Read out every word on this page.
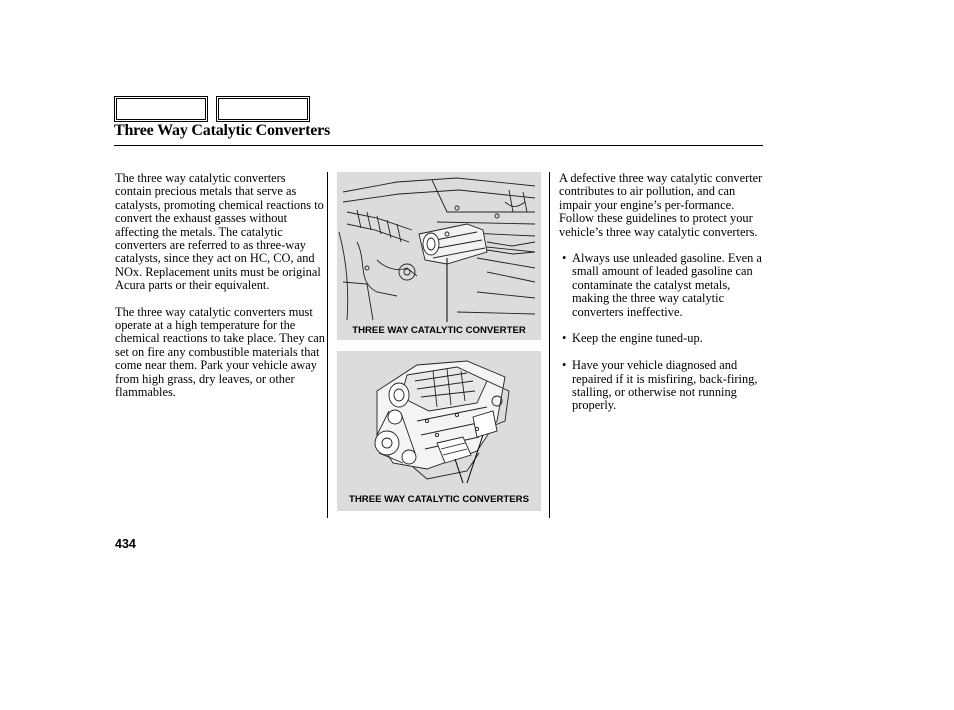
Three Way Catalytic Converters

The three way catalytic converters contain precious metals that serve as catalysts, promoting chemical reactions to convert the exhaust gasses without affecting the metals. The catalytic converters are referred to as three-way catalysts, since they act on HC, CO, and NOx. Replacement units must be original Acura parts or their equivalent.

The three way catalytic converters must operate at a high temperature for the chemical reactions to take place. They can set on fire any combustible materials that come near them. Park your vehicle away from high grass, dry leaves, or other flammables.

THREE WAY CATALYTIC CONVERTER
THREE WAY CATALYTIC CONVERTERS

A defective three way catalytic converter contributes to air pollution, and can impair your engine’s per-formance. Follow these guidelines to protect your vehicle’s three way catalytic converters.

• Always use unleaded gasoline. Even a small amount of leaded gasoline can contaminate the catalyst metals, making the three way catalytic converters ineffective.
• Keep the engine tuned-up.
• Have your vehicle diagnosed and repaired if it is misfiring, back-firing, stalling, or otherwise not running properly.
434
